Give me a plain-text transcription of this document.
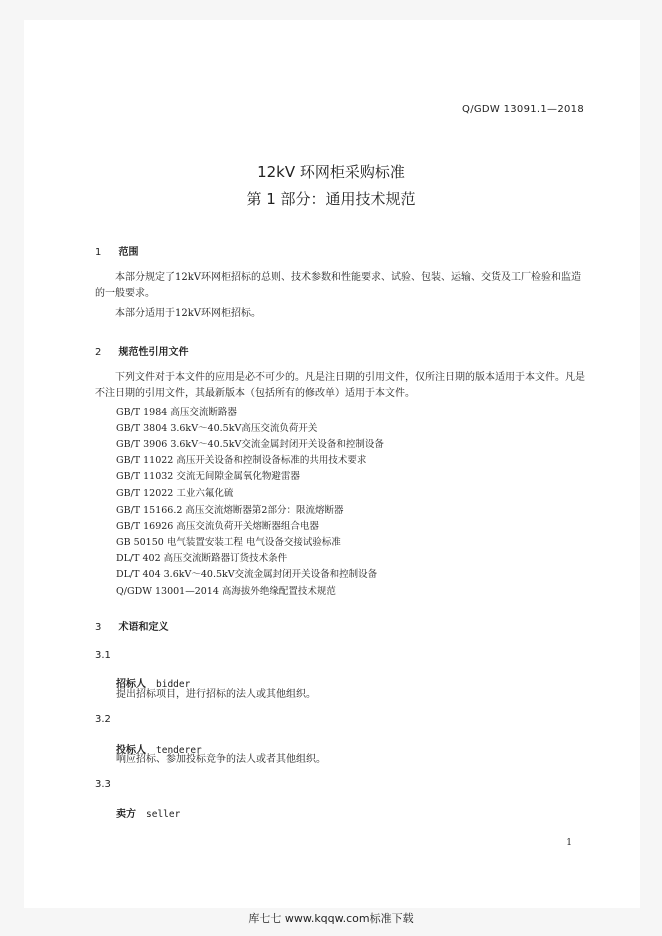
Q/GDW 13091.1—2018
12kV 环网柜采购标准
第 1 部分：通用技术规范
1 范围
本部分规定了12kV环网柜招标的总则、技术参数和性能要求、试验、包装、运输、交货及工厂检验和监造的一般要求。
本部分适用于12kV环网柜招标。
2 规范性引用文件
下列文件对于本文件的应用是必不可少的。凡是注日期的引用文件，仅所注日期的版本适用于本文件。凡是不注日期的引用文件，其最新版本（包括所有的修改单）适用于本文件。
GB/T 1984 高压交流断路器
GB/T 3804 3.6kV～40.5kV高压交流负荷开关
GB/T 3906 3.6kV～40.5kV交流金属封闭开关设备和控制设备
GB/T 11022 高压开关设备和控制设备标准的共用技术要求
GB/T 11032 交流无间隙金属氧化物避雷器
GB/T 12022 工业六氟化硫
GB/T 15166.2 高压交流熔断器第2部分：限流熔断器
GB/T 16926 高压交流负荷开关熔断器组合电器
GB 50150 电气装置安装工程 电气设备交接试验标准
DL/T 402 高压交流断路器订货技术条件
DL/T 404 3.6kV～40.5kV交流金属封闭开关设备和控制设备
Q/GDW 13001—2014 高海拔外绝缘配置技术规范
3 术语和定义
3.1
招标人 bidder
提出招标项目，进行招标的法人或其他组织。
3.2
投标人 tenderer
响应招标、参加投标竞争的法人或者其他组织。
3.3
卖方 seller
1
库七七 www.kqqw.com标准下载
